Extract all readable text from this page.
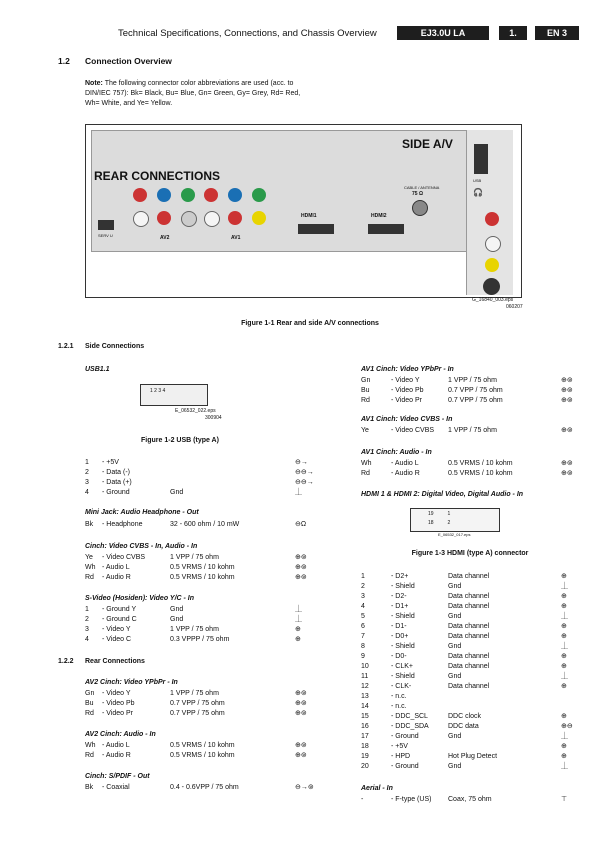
Technical Specifications, Connections, and Chassis Overview	EJ3.0U LA	1.	EN 3
1.2 Connection Overview
Note: The following connector color abbreviations are used (acc. to DIN/IEC 757): Bk= Black, Bu= Blue, Gn= Green, Gy= Grey, Rd= Red, Wh= White, and Ye= Yellow.
SIDE A/V
REAR CONNECTIONS	USB
🎧
SERV U	AV2	AV1
HDMI1	HDMI2
CABLE / ANTENNA
75 Ω
G_16840_003.eps
060207
Figure 1-1 Rear and side A/V connections
1.2.1 Side Connections
USB1.1
1 2 3 4
E_06532_022.eps
300904
Figure 1-2 USB (type A)
1 - +5V	⊖→
2 - Data (-)	⊖⊖→
3 - Data (+)	⊖⊖→
4 - Ground	Gnd	⏊
Mini Jack: Audio Headphone - Out
Bk - Headphone	32 - 600 ohm / 10 mW	⊖Ω
Cinch: Video CVBS - In, Audio - In
Ye - Video CVBS	1 VPP / 75 ohm	⊕⊚
Wh - Audio L	0.5 VRMS / 10 kohm	⊕⊚
Rd - Audio R	0.5 VRMS / 10 kohm	⊕⊚
S-Video (Hosiden): Video Y/C - In
1 - Ground Y	Gnd	⏊
2 - Ground C	Gnd	⏊
3 - Video Y	1 VPP / 75 ohm	⊕
4 - Video C	0.3 VPPP / 75 ohm	⊕
1.2.2 Rear Connections
AV2 Cinch: Video YPbPr - In
Gn - Video Y	1 VPP / 75 ohm	⊕⊚
Bu - Video Pb	0.7 VPP / 75 ohm	⊕⊚
Rd - Video Pr	0.7 VPP / 75 ohm	⊕⊚
AV2 Cinch: Audio - In
Wh - Audio L	0.5 VRMS / 10 kohm	⊕⊚
Rd - Audio R	0.5 VRMS / 10 kohm	⊕⊚
Cinch: S/PDIF - Out
Bk - Coaxial	0.4 - 0.6VPP / 75 ohm	⊖→⊚
AV1 Cinch: Video YPbPr - In
Gn	- Video Y	1 VPP / 75 ohm	⊕⊚
Bu	- Video Pb	0.7 VPP / 75 ohm	⊕⊚
Rd	- Video Pr	0.7 VPP / 75 ohm	⊕⊚
AV1 Cinch: Video CVBS - In
Ye	- Video CVBS 1 VPP / 75 ohm	⊕⊚
AV1 Cinch: Audio - In
Wh	- Audio L	0.5 VRMS / 10 kohm	⊕⊚
Rd	- Audio R	0.5 VRMS / 10 kohm	⊕⊚
HDMI 1 & HDMI 2: Digital Video, Digital Audio - In
19          1
18          2
E_06532_017.eps
Figure 1-3 HDMI (type A) connector
1	- D2+	Data channel	⊕
2	- Shield	Gnd	⏊
3	- D2-	Data channel	⊕
4	- D1+	Data channel	⊕
5	- Shield	Gnd	⏊
6	- D1-	Data channel	⊕
7	- D0+	Data channel	⊕
8	- Shield	Gnd	⏊
9	- D0-	Data channel	⊕
10	- CLK+	Data channel	⊕
11	- Shield	Gnd	⏊
12	- CLK-	Data channel	⊕
13	- n.c.
14	- n.c.
15	- DDC_SCL	DDC clock	⊕
16	- DDC_SDA	DDC data	⊕⊖
17	- Ground	Gnd	⏊
18	- +5V	⊕
19	- HPD	Hot Plug Detect	⊕
20	- Ground	Gnd	⏊
Aerial - In
-	- F-type (US) Coax, 75 ohm	⊤
